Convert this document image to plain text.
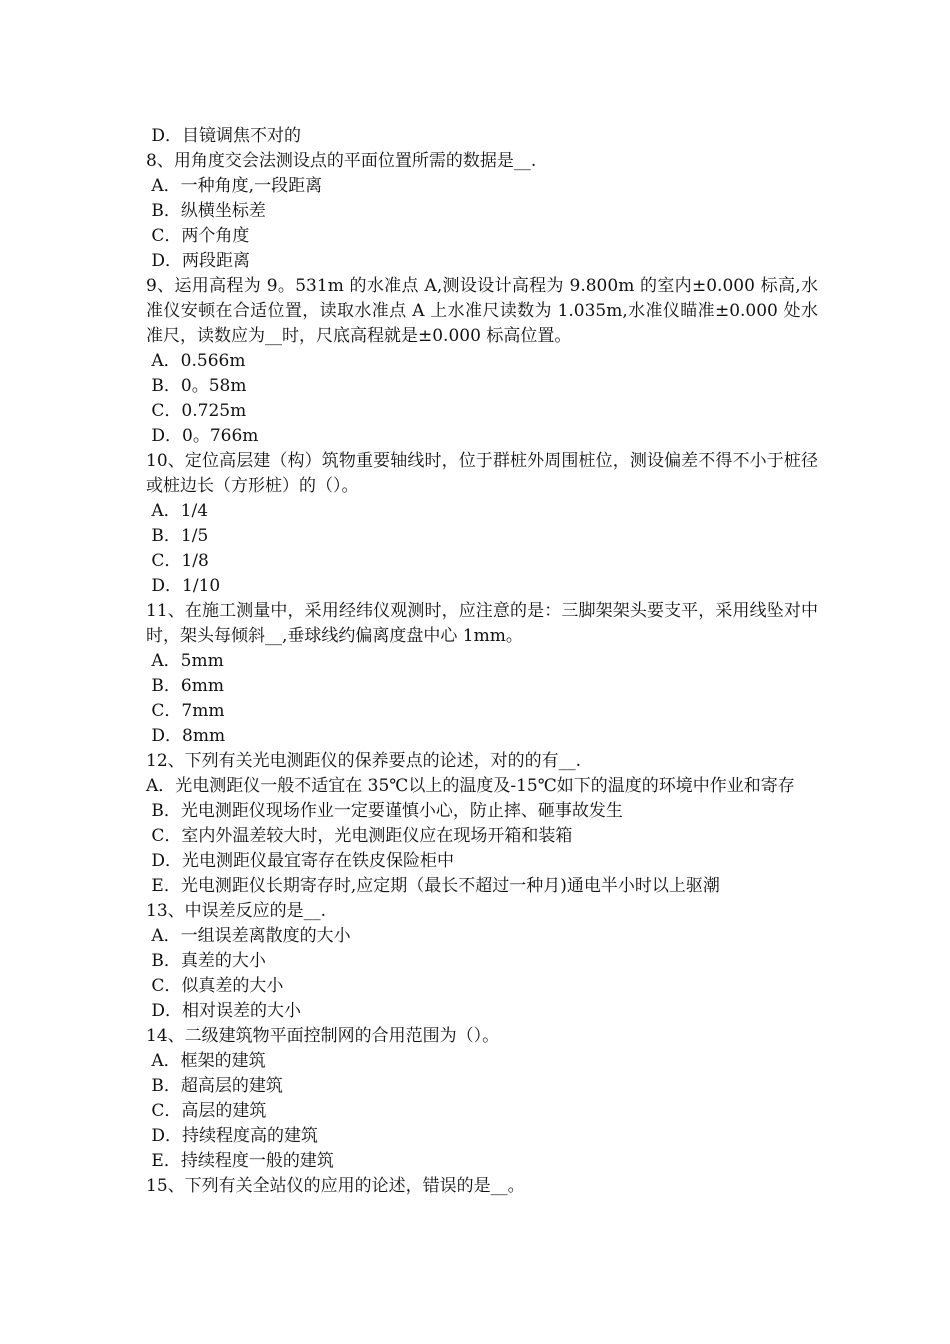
D．目镜调焦不对的
8、用角度交会法测设点的平面位置所需的数据是__.
A．一种角度,一段距离
B．纵横坐标差
C．两个角度
D．两段距离
9、运用高程为 9。531m 的水准点 A,测设设计高程为 9.800m 的室内±0.000 标高,水准仪安顿在合适位置，读取水准点 A 上水准尺读数为 1.035m,水准仪瞄准±0.000 处水准尺，读数应为__时，尺底高程就是±0.000 标高位置。
A．0.566m
B．0。58m
C．0.725m
D．0。766m
10、定位高层建（构）筑物重要轴线时，位于群桩外周围桩位，测设偏差不得不小于桩径或桩边长（方形桩）的（）。
A．1/4
B．1/5
C．1/8
D．1/10
11、在施工测量中，采用经纬仪观测时，应注意的是：三脚架架头要支平，采用线坠对中时，架头每倾斜__,垂球线约偏离度盘中心 1mm。
A．5mm
B．6mm
C．7mm
D．8mm
12、下列有关光电测距仪的保养要点的论述，对的的有__.
A．光电测距仪一般不适宜在 35℃以上的温度及-15℃如下的温度的环境中作业和寄存
B．光电测距仪现场作业一定要谨慎小心，防止摔、砸事故发生
C．室内外温差较大时，光电测距仪应在现场开箱和装箱
D．光电测距仪最宜寄存在铁皮保险柜中
E．光电测距仪长期寄存时,应定期（最长不超过一种月)通电半小时以上驱潮
13、中误差反应的是__.
A．一组误差离散度的大小
B．真差的大小
C．似真差的大小
D．相对误差的大小
14、二级建筑物平面控制网的合用范围为（）。
A．框架的建筑
B．超高层的建筑
C．高层的建筑
D．持续程度高的建筑
E．持续程度一般的建筑
15、下列有关全站仪的应用的论述，错误的是__。
